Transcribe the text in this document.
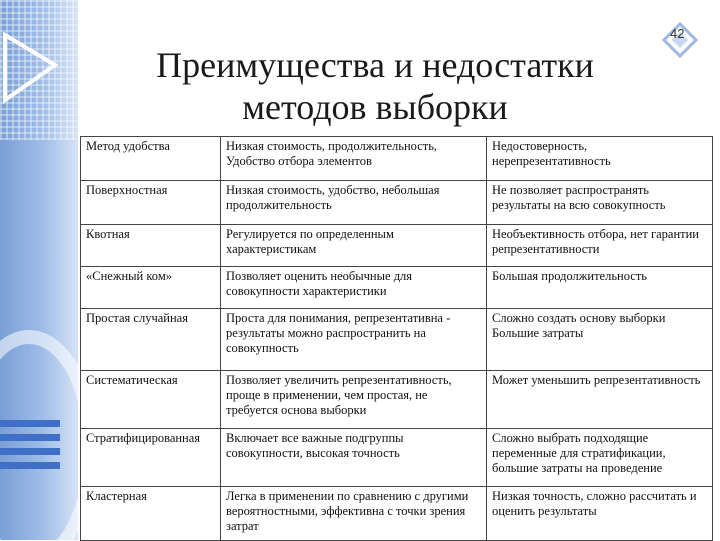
42
Преимущества и недостатки
методов выборки
Метод удобства	Низкая стоимость, продолжительность, Удобство отбора элементов	Недостоверность, нерепрезентативность
Поверхностная	Низкая стоимость, удобство, небольшая продолжительность	Не позволяет распространять результаты на всю совокупность
Квотная	Регулируется по определенным характеристикам	Необъективность отбора, нет гарантии репрезентативности
«Снежный ком»	Позволяет оценить необычные для совокупности характеристики	Большая продолжительность
Простая случайная	Проста для понимания, репрезентативна - результаты можно распространить на совокупность	Сложно создать основу выборки Большие затраты
Систематическая	Позволяет увеличить репрезентативность, проще в применении, чем простая, не требуется основа выборки	Может уменьшить репрезентативность
Стратифицированная	Включает все важные подгруппы совокупности, высокая точность	Сложно выбрать подходящие переменные для стратификации, большие затраты на проведение
Кластерная	Легка в применении по сравнению с другими вероятностными, эффективна с точки зрения затрат	Низкая точность, сложно рассчитать и оценить результаты
